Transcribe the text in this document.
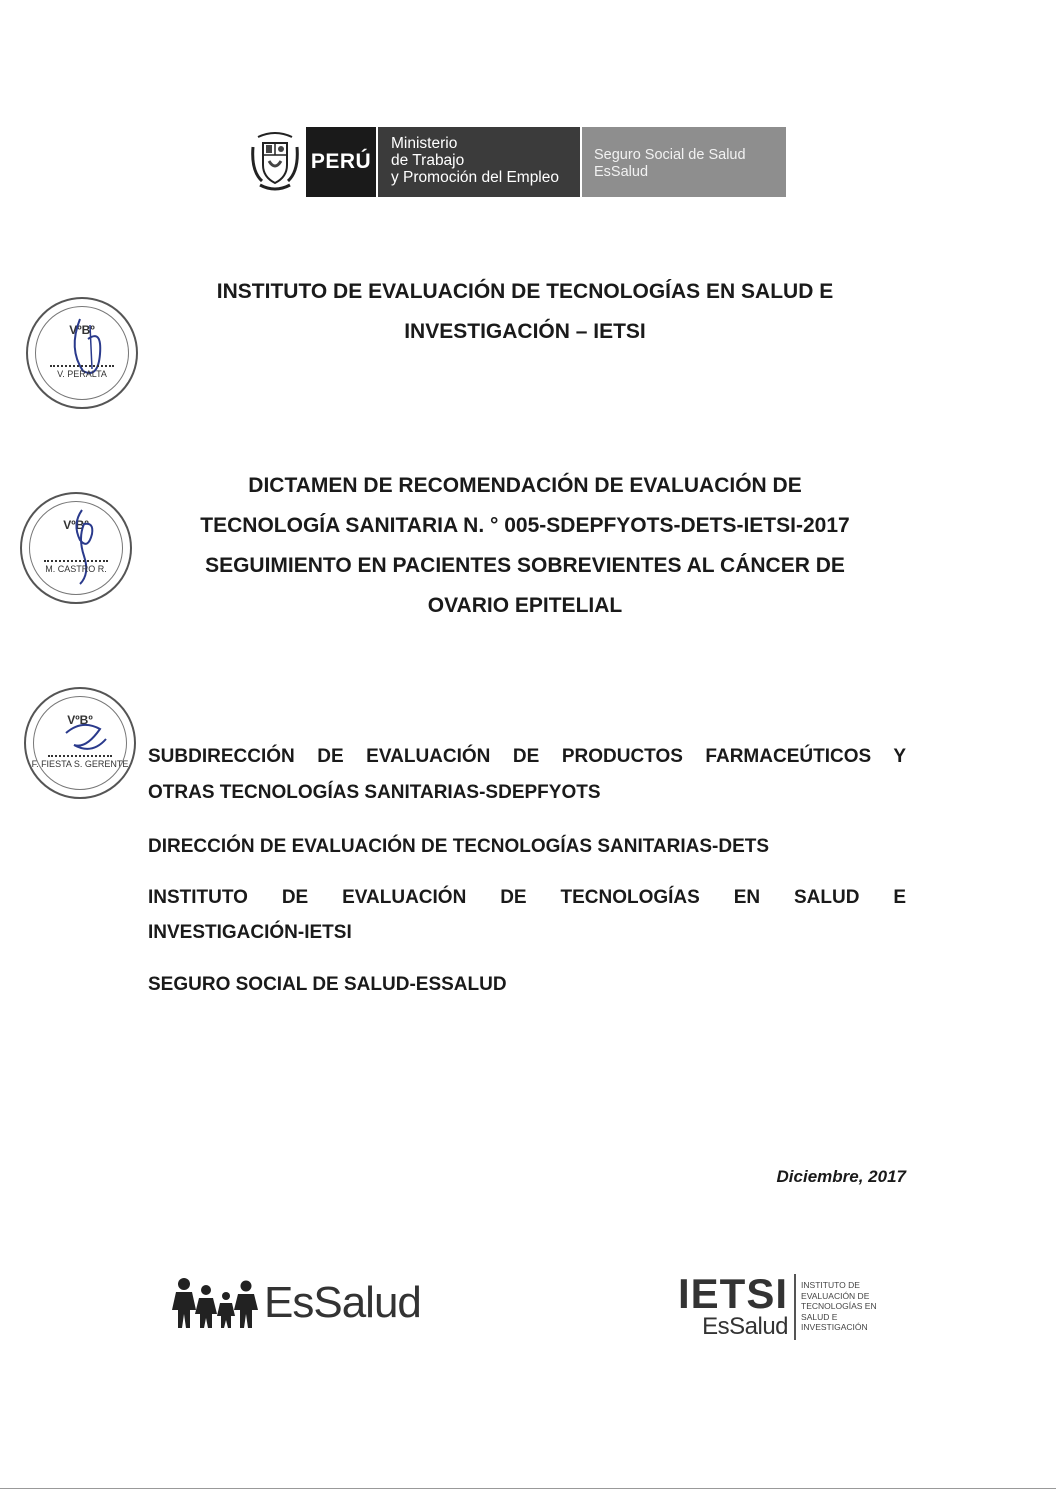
PERÚ
Ministerio
de Trabajo
y Promoción del Empleo
Seguro Social de Salud
EsSalud
INSTITUTO DE EVALUACIÓN DE TECNOLOGÍAS EN SALUD E
INVESTIGACIÓN – IETSI
DICTAMEN DE RECOMENDACIÓN DE EVALUACIÓN DE
TECNOLOGÍA SANITARIA N. ° 005-SDEPFYOTS-DETS-IETSI-2017
SEGUIMIENTO EN PACIENTES SOBREVIENTES AL CÁNCER DE
OVARIO EPITELIAL
VºBº
V. PERALTA
VºBº
M. CASTRO R.
VºBº
F. FIESTA S. GERENTE SUBDIRECCIÓN DE EVALUACIÓN DE PRODUCTOS FARMACEÚTICOS Y
OTRAS TECNOLOGÍAS SANITARIAS-SDEPFYOTS
DIRECCIÓN DE EVALUACIÓN DE TECNOLOGÍAS SANITARIAS-DETS
INSTITUTO DE EVALUACIÓN DE TECNOLOGÍAS EN SALUD E
INVESTIGACIÓN-IETSI
SEGURO SOCIAL DE SALUD-ESSALUD
Diciembre, 2017
EsSalud	IETSI
EsSalud
INSTITUTO DE
EVALUACIÓN DE
TECNOLOGÍAS EN
SALUD E
INVESTIGACIÓN
